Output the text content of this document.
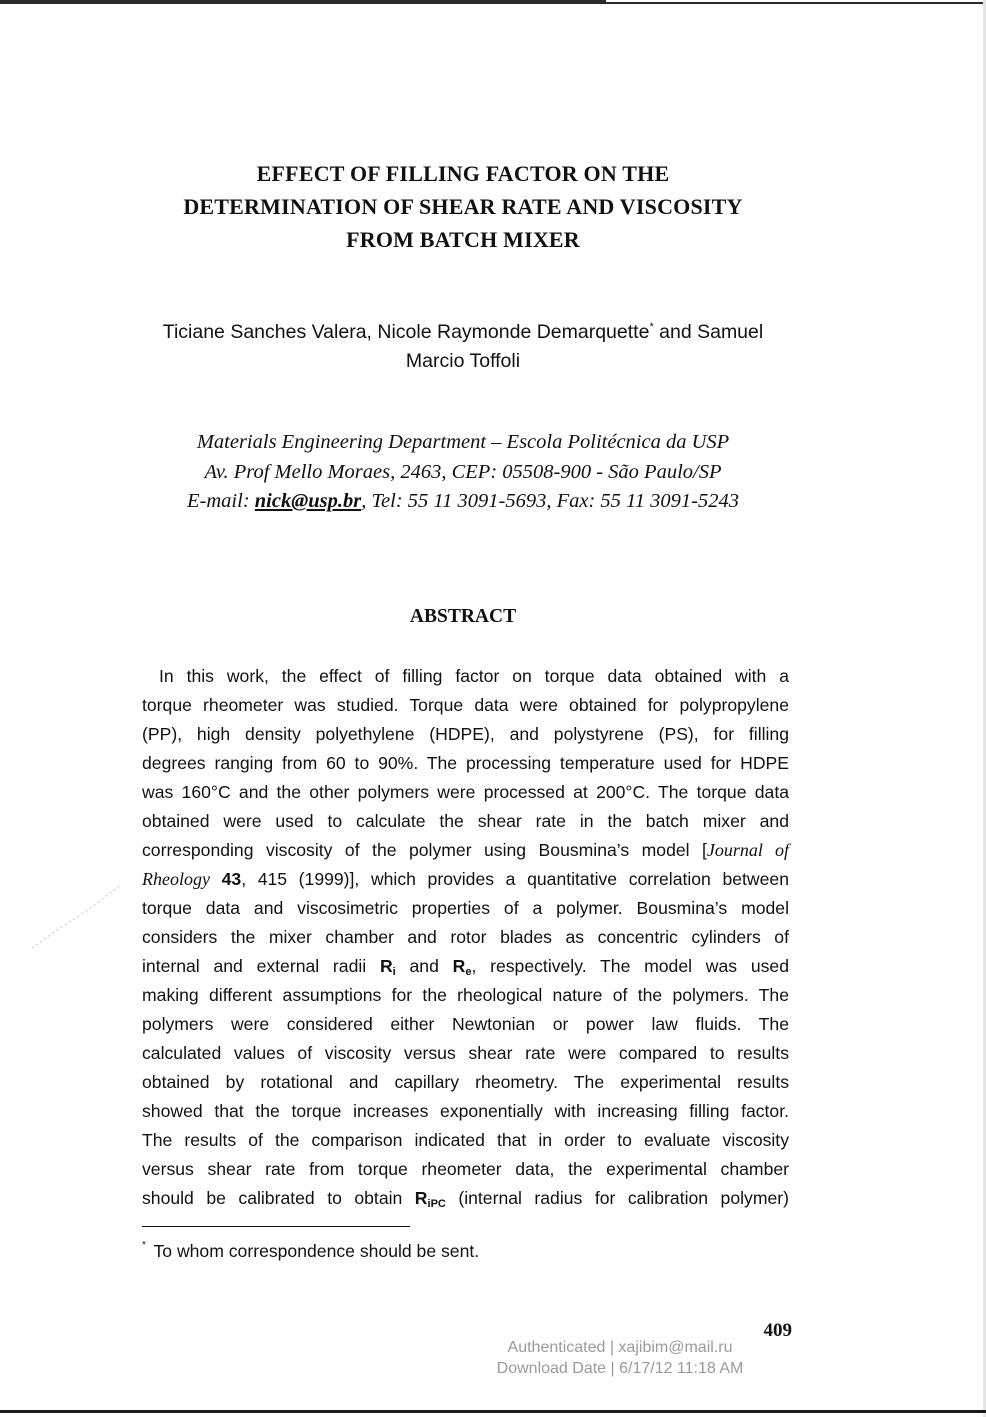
EFFECT OF FILLING FACTOR ON THE
DETERMINATION OF SHEAR RATE AND VISCOSITY
FROM BATCH MIXER
Ticiane Sanches Valera, Nicole Raymonde Demarquette* and Samuel
Marcio Toffoli
Materials Engineering Department – Escola Politécnica da USP
Av. Prof Mello Moraes, 2463, CEP: 05508-900 - São Paulo/SP
E-mail: nick@usp.br, Tel: 55 11 3091-5693, Fax: 55 11 3091-5243
ABSTRACT
In this work, the effect of filling factor on torque data obtained with a
torque rheometer was studied. Torque data were obtained for polypropylene
(PP), high density polyethylene (HDPE), and polystyrene (PS), for filling
degrees ranging from 60 to 90%. The processing temperature used for HDPE
was 160°C and the other polymers were processed at 200°C. The torque data
obtained were used to calculate the shear rate in the batch mixer and
corresponding viscosity of the polymer using Bousmina’s model [Journal of
Rheology 43, 415 (1999)], which provides a quantitative correlation between
torque data and viscosimetric properties of a polymer. Bousmina’s model
considers the mixer chamber and rotor blades as concentric cylinders of
internal and external radii $R_i$ and $R_e$, respectively. The model was used
making different assumptions for the rheological nature of the polymers. The
polymers were considered either Newtonian or power law fluids. The
calculated values of viscosity versus shear rate were compared to results
obtained by rotational and capillary rheometry. The experimental results
showed that the torque increases exponentially with increasing filling factor.
The results of the comparison indicated that in order to evaluate viscosity
versus shear rate from torque rheometer data, the experimental chamber
should be calibrated to obtain $R_{iPC}$ (internal radius for calibration polymer)

* To whom correspondence should be sent.

409
Authenticated | xajibim@mail.ru
Download Date | 6/17/12 11:18 AM
